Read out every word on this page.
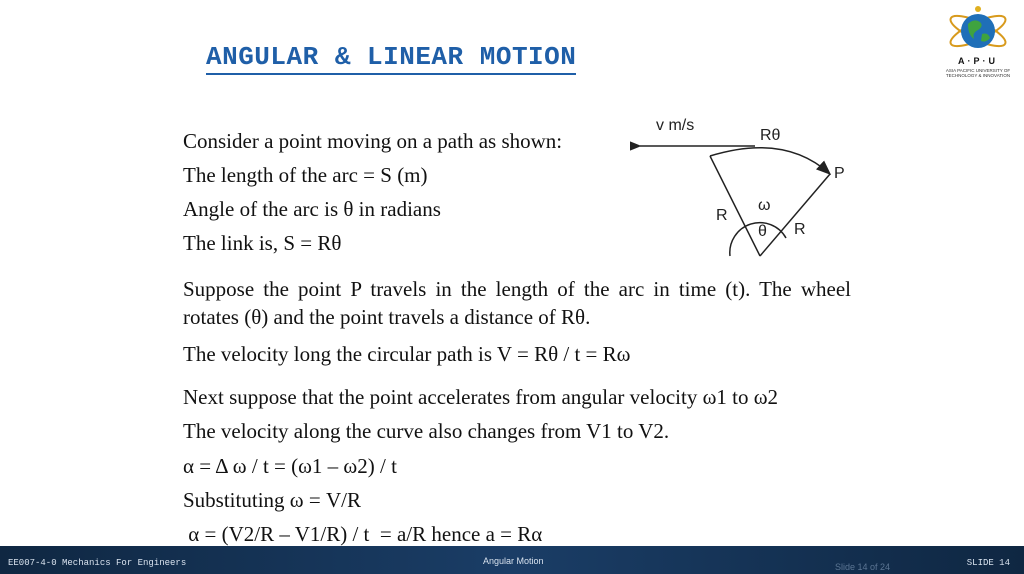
ANGULAR & LINEAR MOTION	A·P·U
ASIA PACIFIC UNIVERSITY OF TECHNOLOGY & INNOVATION
Consider a point moving on a path as shown:
The length of the arc = S (m)
Angle of the arc is θ in radians
The link is, S = Rθ
Suppose the point P travels in the length of the arc in time (t). The wheel rotates (θ) and the point travels a distance of Rθ.
The velocity long the circular path is V = Rθ / t = Rω
Next suppose that the point accelerates from angular velocity ω1 to ω2
The velocity along the curve also changes from V1 to V2.
α = Δ ω / t = (ω1 – ω2) / t
Substituting ω = V/R
α = (V2/R – V1/R) / t  = a/R hence a = Rα
v m/s
Rθ
P
R
R
ω
θ
EE007-4-0 Mechanics For Engineers	Angular Motion
Slide 14 of 24	SLIDE 14
